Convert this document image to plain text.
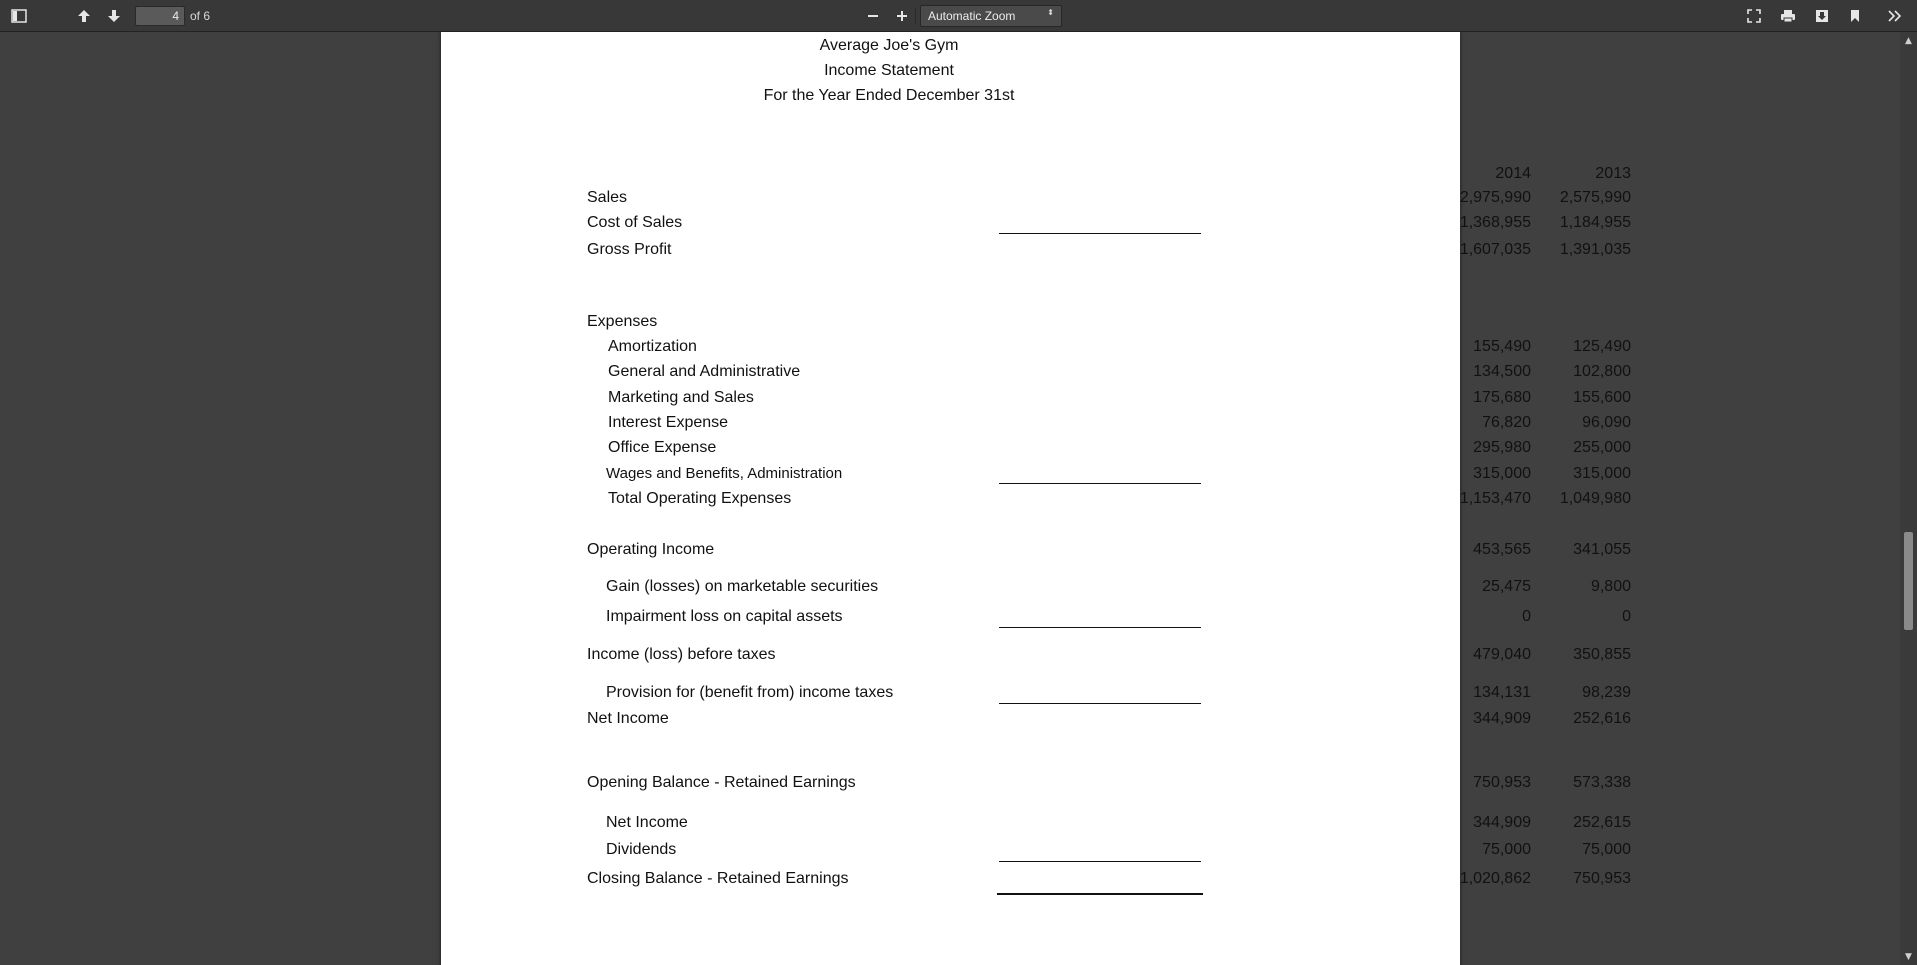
4
of 6	Automatic Zoom	⬍
Average Joe's Gym
Income Statement
For the Year Ended December 31st
2014	2013
Sales	2,975,990	2,575,990
Cost of Sales	1,368,955	1,184,955
Gross Profit	1,607,035	1,391,035
Expenses
Amortization	155,490	125,490
General and Administrative	134,500	102,800
Marketing and Sales	175,680	155,600
Interest Expense	76,820	96,090
Office Expense	295,980	255,000
Wages and Benefits, Administration	315,000	315,000
Total Operating Expenses	1,153,470	1,049,980
Operating Income	453,565	341,055
Gain (losses) on marketable securities	25,475	9,800
Impairment loss on capital assets	0	0
Income (loss) before taxes	479,040	350,855
Provision for (benefit from) income taxes	134,131	98,239
Net Income	344,909	252,616
Opening Balance - Retained Earnings	750,953	573,338
Net Income	344,909	252,615
Dividends	75,000	75,000
Closing Balance - Retained Earnings	1,020,862	750,953
▲
▼
